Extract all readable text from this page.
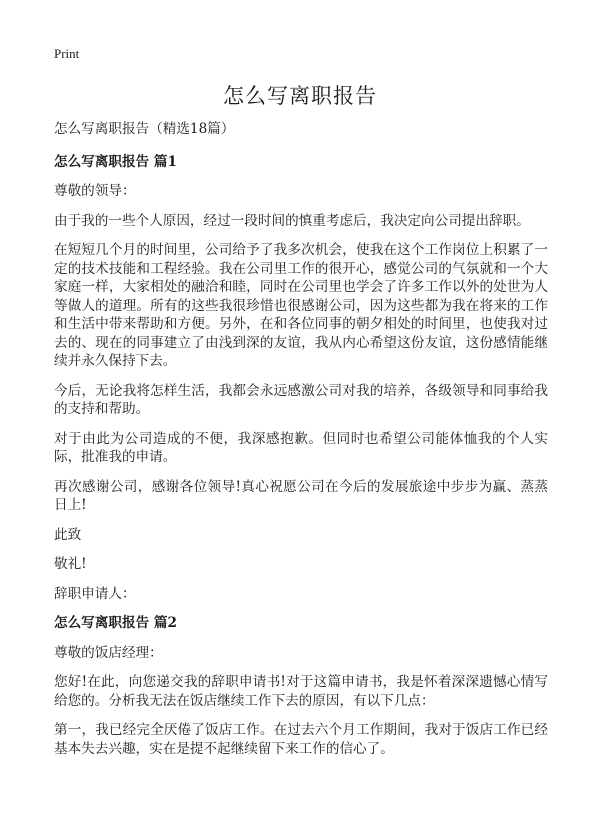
Print
怎么写离职报告

怎么写离职报告（精选18篇）

怎么写离职报告 篇1

尊敬的领导：

由于我的一些个人原因，经过一段时间的慎重考虑后，我决定向公司提出辞职。

在短短几个月的时间里，公司给予了我多次机会，使我在这个工作岗位上积累了一定的技术技能和工程经验。我在公司里工作的很开心，感觉公司的气氛就和一个大家庭一样，大家相处的融洽和睦，同时在公司里也学会了许多工作以外的处世为人等做人的道理。所有的这些我很珍惜也很感谢公司，因为这些都为我在将来的工作和生活中带来帮助和方便。另外，在和各位同事的朝夕相处的时间里，也使我对过去的、现在的同事建立了由浅到深的友谊，我从内心希望这份友谊，这份感情能继续并永久保持下去。

今后，无论我将怎样生活，我都会永远感激公司对我的培养，各级领导和同事给我的支持和帮助。

对于由此为公司造成的不便，我深感抱歉。但同时也希望公司能体恤我的个人实际，批准我的申请。

再次感谢公司，感谢各位领导!真心祝愿公司在今后的发展旅途中步步为赢、蒸蒸日上!

此致

敬礼!

辞职申请人：

怎么写离职报告 篇2

尊敬的饭店经理：

您好!在此，向您递交我的辞职申请书!对于这篇申请书，我是怀着深深遗憾心情写给您的。分析我无法在饭店继续工作下去的原因，有以下几点：

第一，我已经完全厌倦了饭店工作。在过去六个月工作期间，我对于饭店工作已经基本失去兴趣，实在是提不起继续留下来工作的信心了。
